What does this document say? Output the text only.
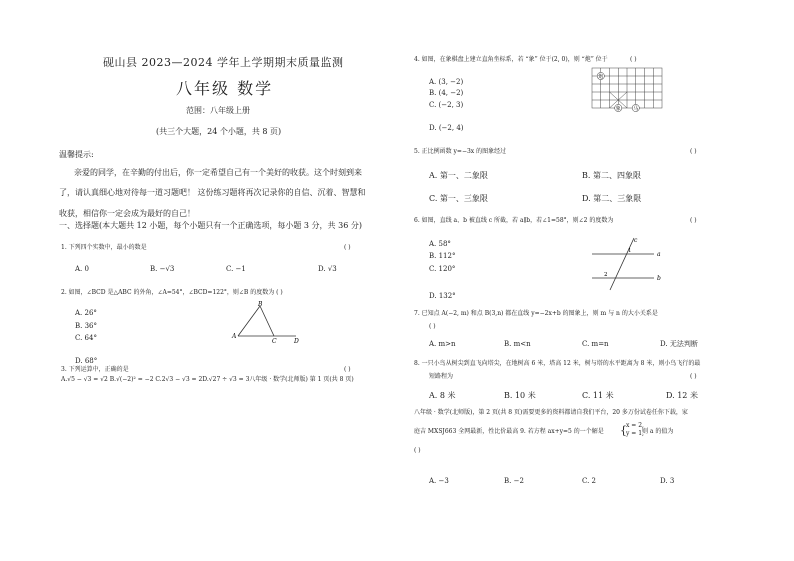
砚山县 2023—2024 学年上学期期末质量监测
八年级 数学
范围：八年级上册
(共三个大题，24 个小题，共 8 页)
温馨提示:
亲爱的同学，在辛勤的付出后，你一定希望自己有一个美好的收获。这个时刻到来
了，请认真细心地对待每一道习题吧！ 这份练习题将再次记录你的自信、沉着、智慧和
收获，相信你一定会成为最好的自己！
一、选择题(本大题共 12 小题，每个小题只有一个正确选项，每小题 3 分，共 36 分)
1. 下列四个实数中，最小的数是	( )
A. 0	B. −√3	C. −1	D. √3
2. 如图，∠BCD 是△ABC 的外角，∠A=54°，∠BCD=122°，则∠B 的度数为 ( )
A. 26°
B. 36°
C. 64°
D. 68°
B
A
C	D
3. 下列运算中，正确的是	( )
A.√5 − √3 = √2 B.√(−2)² = −2 C.2√3 − √3 = 2D.√27 ÷ √3 = 3八年级 · 数学(北师版) 第 1 页(共 8 页)
4. 如图，在象棋盘上建立直角坐标系，若 “象” 位于(2, 0)，则 “炮” 位于	( )
A. (3, −2)
B. (4, −2)
C. (−2, 3)
D. (−2, 4)
炮
象 马
5. 正比例函数 y=−3x 的图象经过	( )
A. 第一、二象限	B. 第二、四象限
C. 第一、三象限	D. 第二、三象限
6. 如图，直线 a、b 被直线 c 所截，若 a∥b，若∠1=58°，则∠2 的度数为	( )
A. 58°
B. 112°
C. 120°
D. 132°
c
a
b
1
2
7. 已知点 A(−2, m) 和点 B(3,n) 都在直线 y=−2x+b 的图象上，则 m 与 n 的大小关系是
( )
A. m>n	B. m<n	C. m=n	D. 无法判断
8. 一只小鸟从树尖到直飞向塔尖，在地树高 6 米，塔高 12 米，树与塔的水平距离为 8 米，则小鸟飞行的最
短路程为	( )
A. 8 米	B. 10 米	C. 11 米	D. 12 米
八年级 · 数学(北师版)，第 2 页(共 8 页)需要更多的资料都请自我们平台，20 多万份试卷任你下载，家
庭吉 MXSJ663 全网最新，性比价最高 9. 若方程 ax+y=5 的一个解是 { x = 2,
y = 1,
则 a 的值为
( )
A. −3	B. −2	C. 2	D. 3
